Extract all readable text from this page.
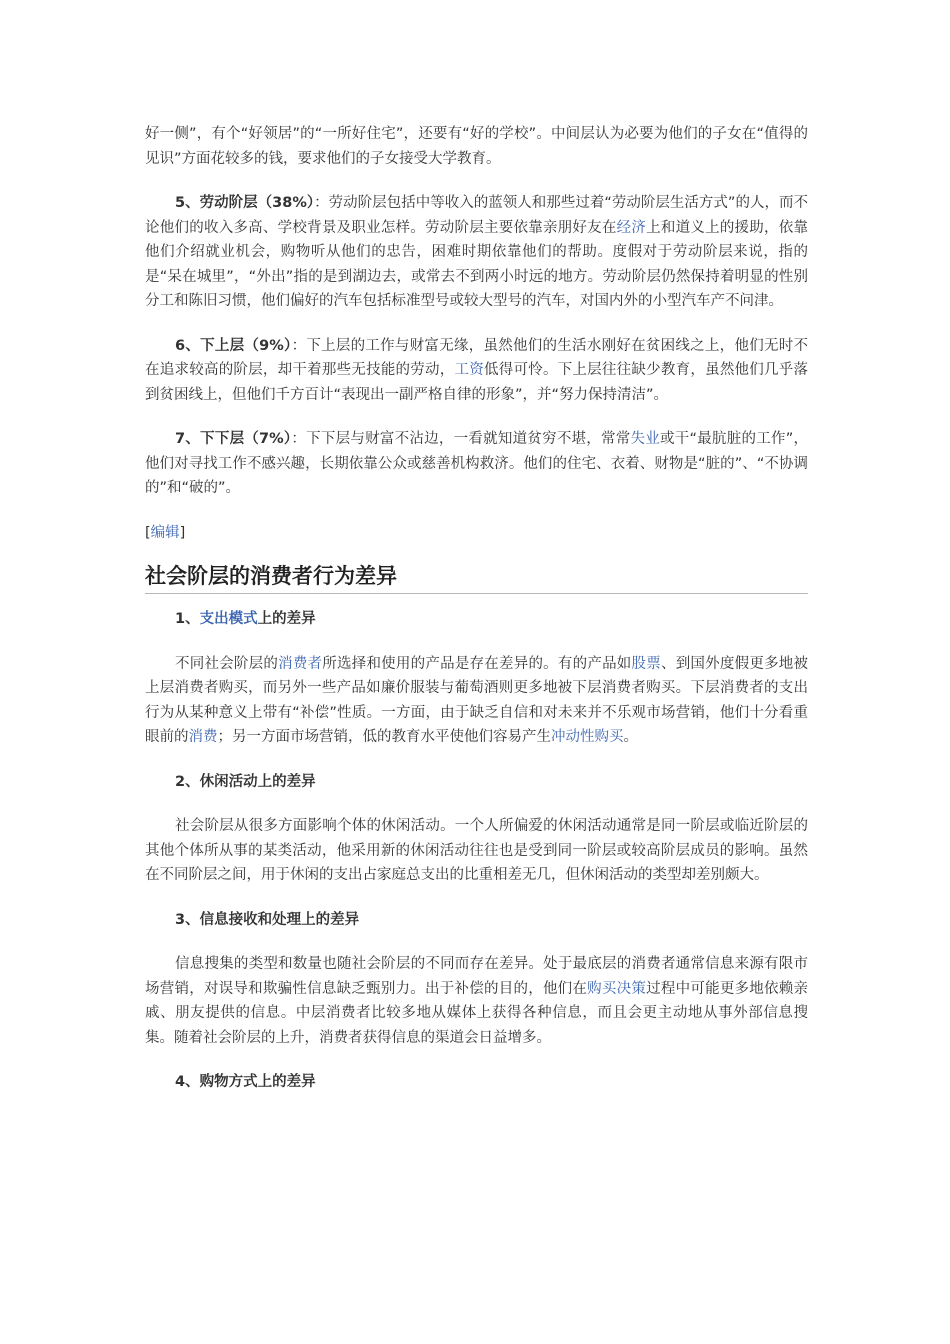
好一侧”，有个“好领居”的“一所好住宅”，还要有“好的学校”。中间层认为必要为他们的子女在“值得的见识”方面花较多的钱，要求他们的子女接受大学教育。

5、劳动阶层（38%）：劳动阶层包括中等收入的蓝领人和那些过着“劳动阶层生活方式”的人，而不论他们的收入多高、学校背景及职业怎样。劳动阶层主要依靠亲朋好友在经济上和道义上的援助，依靠他们介绍就业机会，购物听从他们的忠告，困难时期依靠他们的帮助。度假对于劳动阶层来说，指的是“呆在城里”，“外出”指的是到湖边去，或常去不到两小时远的地方。劳动阶层仍然保持着明显的性别分工和陈旧习惯，他们偏好的汽车包括标准型号或较大型号的汽车，对国内外的小型汽车产不问津。

6、下上层（9%）：下上层的工作与财富无缘，虽然他们的生活水刚好在贫困线之上，他们无时不在追求较高的阶层，却干着那些无技能的劳动，工资低得可怜。下上层往往缺少教育，虽然他们几乎落到贫困线上，但他们千方百计“表现出一副严格自律的形象”，并“努力保持清洁”。

7、下下层（7%）：下下层与财富不沾边，一看就知道贫穷不堪，常常失业或干“最肮脏的工作”，他们对寻找工作不感兴趣，长期依靠公众或慈善机构救济。他们的住宅、衣着、财物是“脏的”、“不协调的”和“破的”。

[编辑]
社会阶层的消费者行为差异

1、支出模式上的差异

不同社会阶层的消费者所选择和使用的产品是存在差异的。有的产品如股票、到国外度假更多地被上层消费者购买，而另外一些产品如廉价服装与葡萄酒则更多地被下层消费者购买。下层消费者的支出行为从某种意义上带有“补偿”性质。一方面，由于缺乏自信和对未来并不乐观市场营销，他们十分看重眼前的消费；另一方面市场营销，低的教育水平使他们容易产生冲动性购买。

2、休闲活动上的差异

社会阶层从很多方面影响个体的休闲活动。一个人所偏爱的休闲活动通常是同一阶层或临近阶层的其他个体所从事的某类活动，他采用新的休闲活动往往也是受到同一阶层或较高阶层成员的影响。虽然在不同阶层之间，用于休闲的支出占家庭总支出的比重相差无几，但休闲活动的类型却差别颇大。

3、信息接收和处理上的差异

信息搜集的类型和数量也随社会阶层的不同而存在差异。处于最底层的消费者通常信息来源有限市场营销，对误导和欺骗性信息缺乏甄别力。出于补偿的目的，他们在购买决策过程中可能更多地依赖亲戚、朋友提供的信息。中层消费者比较多地从媒体上获得各种信息，而且会更主动地从事外部信息搜集。随着社会阶层的上升，消费者获得信息的渠道会日益增多。

4、购物方式上的差异
